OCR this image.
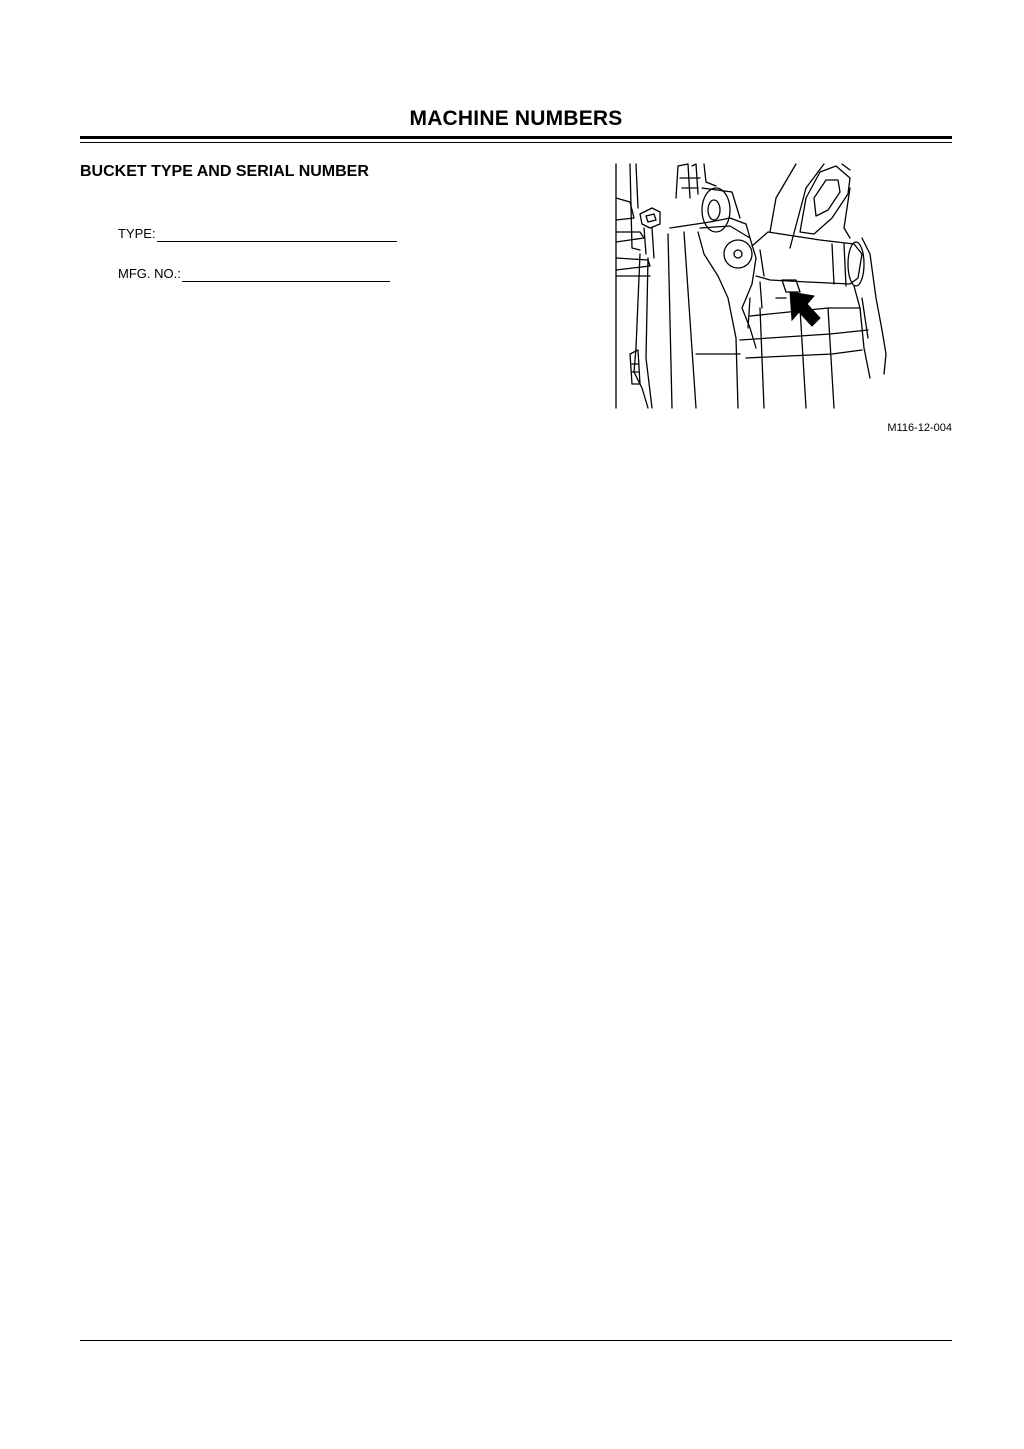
MACHINE NUMBERS
BUCKET TYPE AND SERIAL NUMBER
TYPE:
MFG. NO.:
M116-12-004
